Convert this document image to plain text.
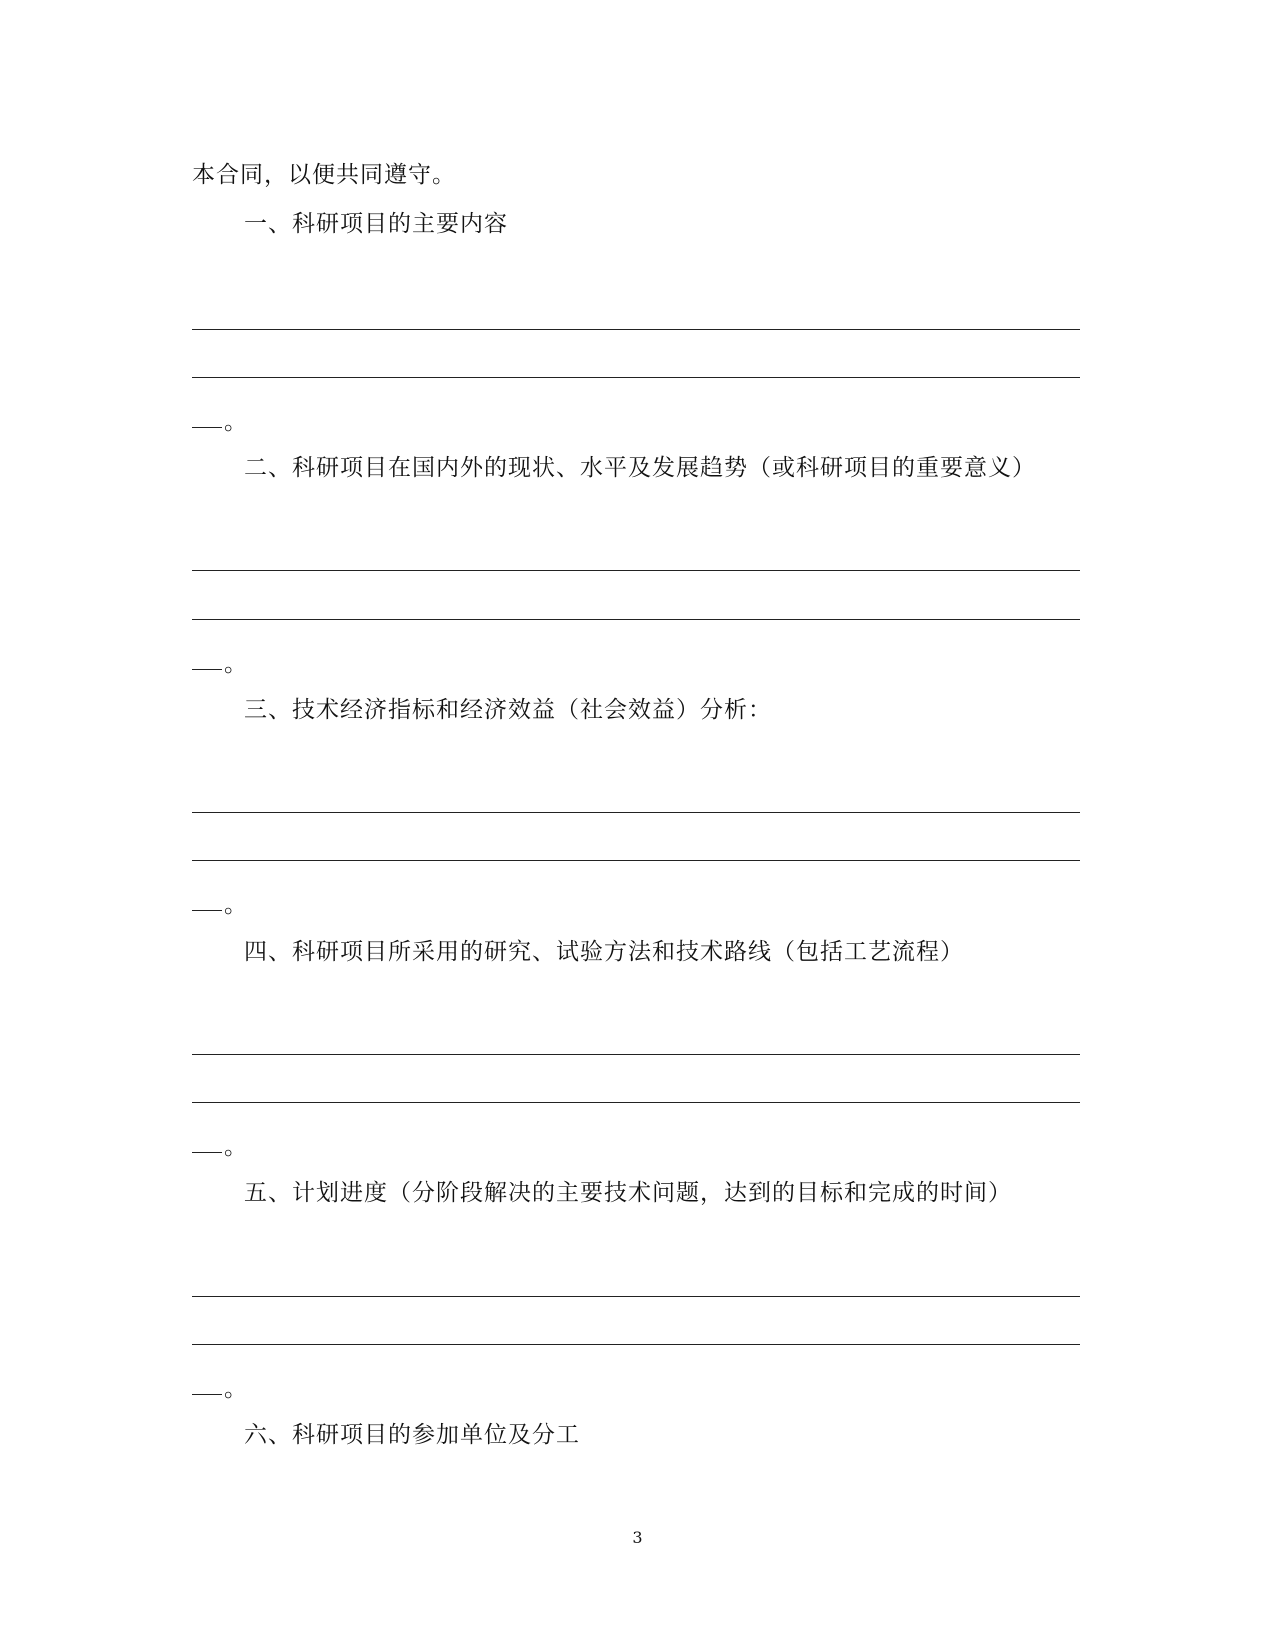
本合同，以便共同遵守。
一、科研项目的主要内容
。
二、科研项目在国内外的现状、水平及发展趋势（或科研项目的重要意义）
。
三、技术经济指标和经济效益（社会效益）分析：
。
四、科研项目所采用的研究、试验方法和技术路线（包括工艺流程）
。
五、计划进度（分阶段解决的主要技术问题，达到的目标和完成的时间）
。
六、科研项目的参加单位及分工
3
